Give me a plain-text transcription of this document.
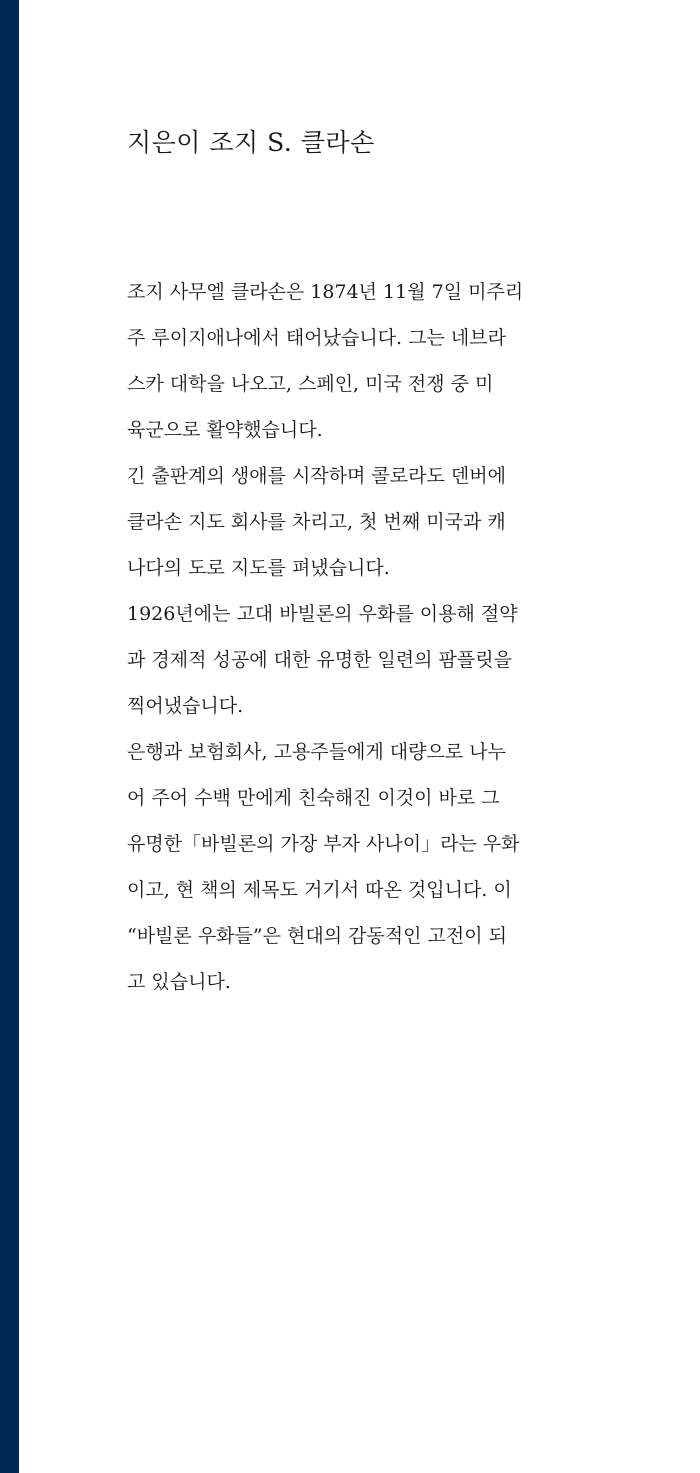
지은이 조지 S. 클라손

조지 사무엘 클라손은 1874년 11월 7일 미주리
주 루이지애나에서 태어났습니다. 그는 네브라
스카 대학을 나오고, 스페인, 미국 전쟁 중 미
육군으로 활약했습니다.

긴 출판계의 생애를 시작하며 콜로라도 덴버에
클라손 지도 회사를 차리고, 첫 번째 미국과 캐
나다의 도로 지도를 펴냈습니다.

1926년에는 고대 바빌론의 우화를 이용해 절약
과 경제적 성공에 대한 유명한 일련의 팜플릿을
찍어냈습니다.

은행과 보험회사, 고용주들에게 대량으로 나누
어 주어 수백 만에게 친숙해진 이것이 바로 그
유명한「바빌론의 가장 부자 사나이」라는 우화
이고, 현 책의 제목도 거기서 따온 것입니다. 이
“바빌론 우화들”은 현대의 감동적인 고전이 되
고 있습니다.
